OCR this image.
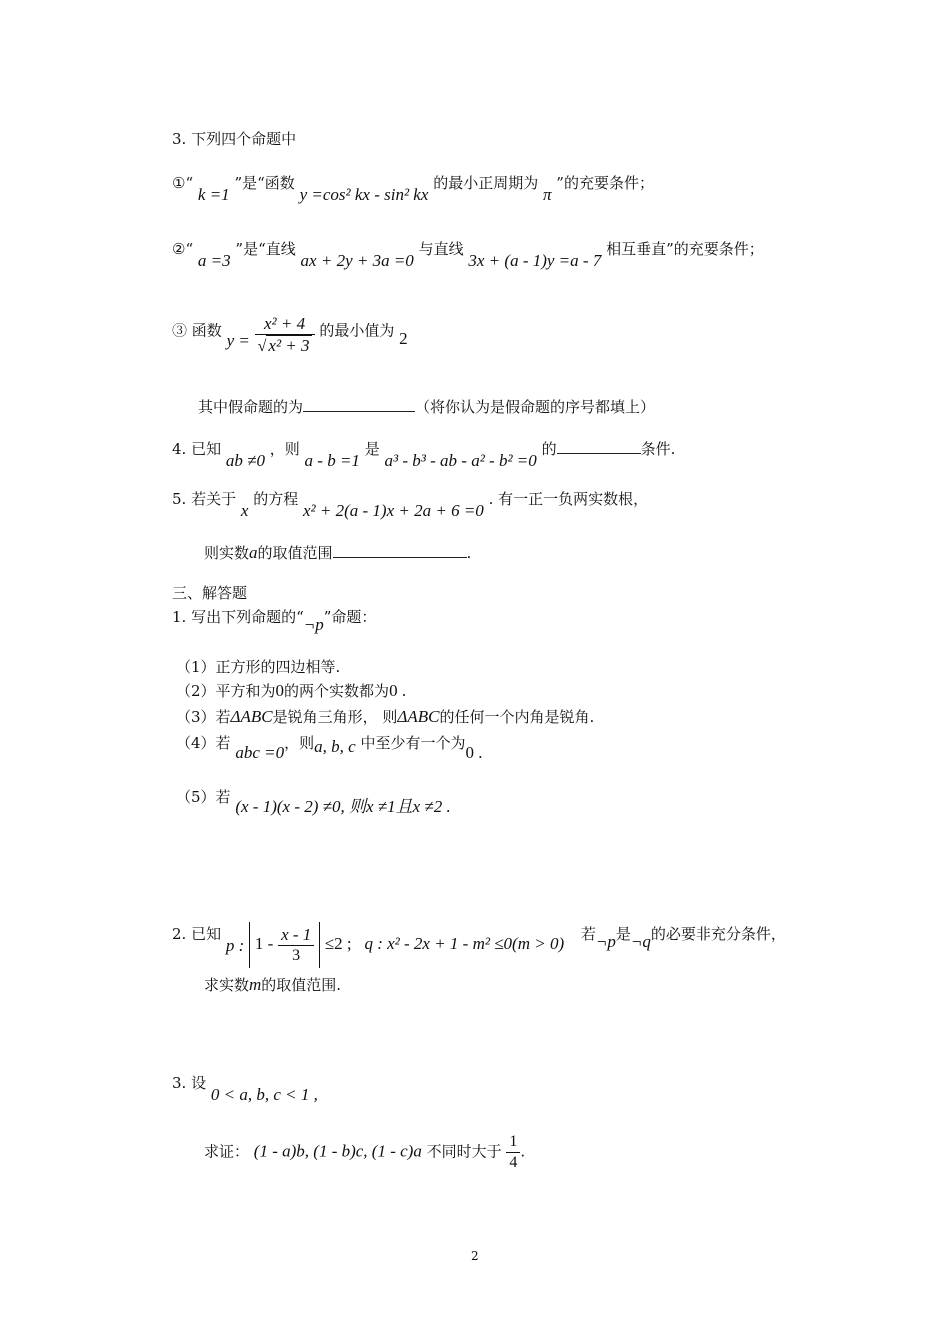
3. 下列四个命题中
①“ k =1 ”是“函数 y =cos² kx - sin² kx 的最小正周期为 π ”的充要条件；
②“ a =3 ”是“直线 ax + 2y + 3a =0 与直线 3x + (a - 1)y =a - 7 相互垂直”的充要条件；
③ 函数 $y = \frac{\text{x² + 4}}{\text{√ x² + 3}}$ 的最小值为 2
其中假命题的为	（将你认为是假命题的序号都填上）
4. 已知 ab ≠0 ，则 a - b =1 是 a³ - b³ - ab - a² - b² =0 的	条件.
5. 若关于 x 的方程 x² + 2(a - 1)x + 2a + 6 =0 . 有一正一负两实数根，
则实数a的取值范围	.
三、解答题
1. 写出下列命题的“¬p”命题：
（1）正方形的四边相等.
（2）平方和为0的两个实数都为0 .
（3）若ΔABC是锐角三角形， 则ΔABC的任何一个内角是锐角.
（4）若 abc =0，则a, b, c 中至少有一个为0 .
（5）若 (x - 1)(x - 2) ≠0, 则x ≠1且x ≠2 .
2. 已知 p : $1 - \frac{x - 1}{3} \le 2$ ; q : x² - 2x + 1 - m² ≤0(m > 0) 若¬p是¬q的必要非充分条件，
求实数m的取值范围.
3. 设 0 < a, b, c < 1 ,
求证： (1 - a)b, (1 - b)c, (1 - c)a 不同时大于 $\frac{1}{4}$ .
2
